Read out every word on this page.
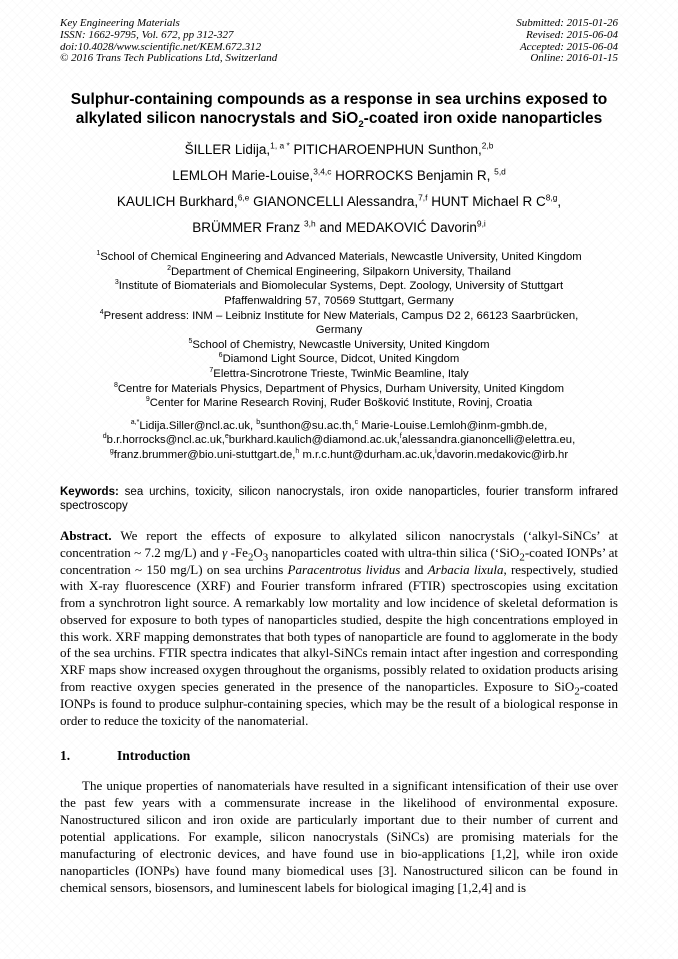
Key Engineering Materials
ISSN: 1662-9795, Vol. 672, pp 312-327
doi:10.4028/www.scientific.net/KEM.672.312
© 2016 Trans Tech Publications Ltd, Switzerland
Submitted: 2015-01-26
Revised: 2015-06-04
Accepted: 2015-06-04
Online: 2016-01-15
Sulphur-containing compounds as a response in sea urchins exposed to alkylated silicon nanocrystals and SiO$_2$-coated iron oxide nanoparticles
ŠILLER Lidija,$^{1, a *}$ PITICHAROENPHUN Sunthon,$^{2,b}$
LEMLOH Marie-Louise,$^{3,4,c}$ HORROCKS Benjamin R, $^{5,d}$
KAULICH Burkhard,$^{6,e}$ GIANONCELLI Alessandra,$^{7,f}$ HUNT Michael R C$^{8,g}$,
BRÜMMER Franz $^{3,h}$ and MEDAKOVIĆ Davorin$^{9,i}$
$^1$School of Chemical Engineering and Advanced Materials, Newcastle University, United Kingdom
$^2$Department of Chemical Engineering, Silpakorn University, Thailand
$^3$Institute of Biomaterials and Biomolecular Systems, Dept. Zoology, University of Stuttgart
Pfaffenwaldring 57, 70569 Stuttgart, Germany
$^4$Present address: INM – Leibniz Institute for New Materials, Campus D2 2, 66123 Saarbrücken,
Germany
$^5$School of Chemistry, Newcastle University, United Kingdom
$^6$Diamond Light Source, Didcot, United Kingdom
$^7$Elettra-Sincrotrone Trieste, TwinMic Beamline, Italy
$^8$Centre for Materials Physics, Department of Physics, Durham University, United Kingdom
$^9$Center for Marine Research Rovinj, Ruđer Bošković Institute, Rovinj, Croatia
$^{a,*}$Lidija.Siller@ncl.ac.uk, $^b$sunthon@su.ac.th,$^c$ Marie-Louise.Lemloh@inm-gmbh.de,
$^d$b.r.horrocks@ncl.ac.uk,$^e$burkhard.kaulich@diamond.ac.uk,$^f$alessandra.gianoncelli@elettra.eu,
$^g$franz.brummer@bio.uni-stuttgart.de,$^h$ m.r.c.hunt@durham.ac.uk,$^i$davorin.medakovic@irb.hr

Keywords: sea urchins, toxicity, silicon nanocrystals, iron oxide nanoparticles, fourier transform infrared spectroscopy

Abstract. We report the effects of exposure to alkylated silicon nanocrystals (‘alkyl-SiNCs’ at concentration ~ 7.2 mg/L) and γ $-Fe_2O_3$ nanoparticles coated with ultra-thin silica (‘SiO$_2$-coated IONPs’ at concentration ~ 150 mg/L) on sea urchins Paracentrotus lividus and Arbacia lixula, respectively, studied with X-ray fluorescence (XRF) and Fourier transform infrared (FTIR) spectroscopies using excitation from a synchrotron light source. A remarkably low mortality and low incidence of skeletal deformation is observed for exposure to both types of nanoparticles studied, despite the high concentrations employed in this work. XRF mapping demonstrates that both types of nanoparticle are found to agglomerate in the body of the sea urchins. FTIR spectra indicates that alkyl-SiNCs remain intact after ingestion and corresponding XRF maps show increased oxygen throughout the organisms, possibly related to oxidation products arising from reactive oxygen species generated in the presence of the nanoparticles. Exposure to SiO$_2$-coated IONPs is found to produce sulphur-containing species, which may be the result of a biological response in order to reduce the toxicity of the nanomaterial.

1.	Introduction

The unique properties of nanomaterials have resulted in a significant intensification of their use over the past few years with a commensurate increase in the likelihood of environmental exposure. Nanostructured silicon and iron oxide are particularly important due to their number of current and potential applications. For example, silicon nanocrystals (SiNCs) are promising materials for the manufacturing of electronic devices, and have found use in bio-applications [1,2], while iron oxide nanoparticles (IONPs) have found many biomedical uses [3]. Nanostructured silicon can be found in chemical sensors, biosensors, and luminescent labels for biological imaging [1,2,4] and is
